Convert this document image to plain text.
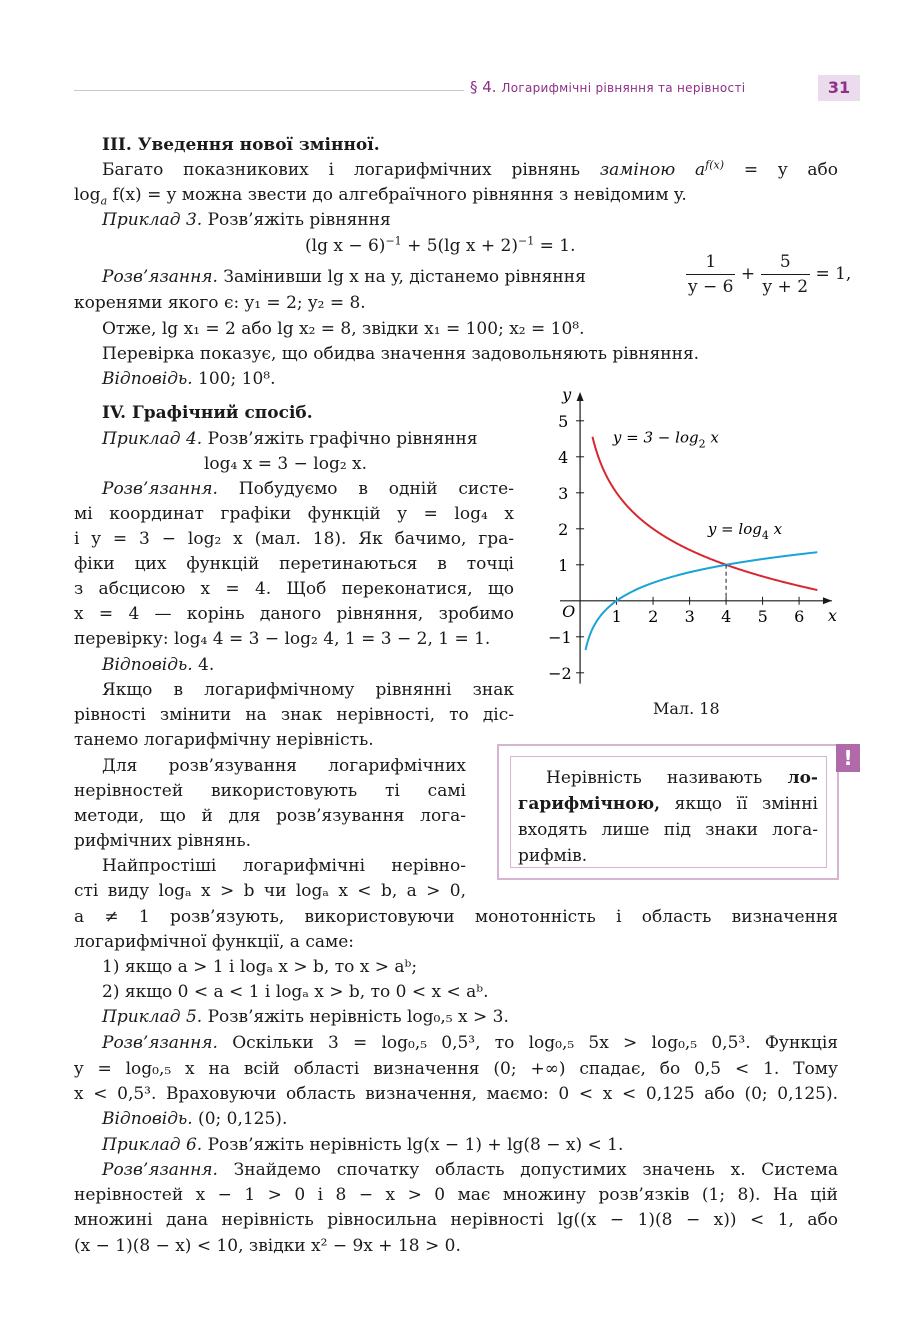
§ 4. Логарифмічні рівняння та нерівності	31
III. Уведення нової змінної.
Багато показникових і логарифмічних рівнянь заміною $a^{f(x)} = y$ або
$\log_a f(x) = y$ можна звести до алгебраїчного рівняння з невідомим y.
Приклад 3. Розв’яжіть рівняння
(lg x − 6)$^{-1}$ + 5(lg x + 2)$^{-1}$ = 1.
Розв’язання. Замінивши lg x на y, дістанемо рівняння	$\frac{1}{y - 6} + \frac{5}{y + 2} = 1$,
коренями якого є: y₁ = 2; y₂ = 8.
Отже, lg x₁ = 2 або lg x₂ = 8, звідки x₁ = 100; x₂ = 10⁸.
Перевірка показує, що обидва значення задовольняють рівняння.
Відповідь. 100; 10⁸.
IV. Графічний спосіб.
Приклад 4. Розв’яжіть графічно рівняння
log₄ x = 3 − log₂ x.
Розв’язання. Побудуємо в одній систе-
мі координат графіки функцій y = log₄ x
і y = 3 − log₂ x (мал. 18). Як бачимо, гра-
фіки цих функцій перетинаються в точці
з абсцисою x = 4. Щоб переконатися, що
x = 4 — корінь даного рівняння, зробимо
перевірку: log₄ 4 = 3 − log₂ 4, 1 = 3 − 2, 1 = 1.
Відповідь. 4.
x
y
O 1 2 3 4 5 6
−2
−1
1
2
3
4
5
$y = 3 - \log_2 x$
$y = \log_4 x$
Мал. 18
Якщо в логарифмічному рівнянні знак
рівності змінити на знак нерівності, то діс-
танемо логарифмічну нерівність.
Для розв’язування логарифмічних
нерівностей використовують ті самі
методи, що й для розв’язування лога-
рифмічних рівнянь.
Найпростіші логарифмічні нерівно-
сті виду logₐ x > b чи logₐ x < b, a > 0,
a ≠ 1 розв’язують, використовуючи монотонність і область визначення
логарифмічної функції, а саме:
1) якщо a > 1 і logₐ x > b, то x > aᵇ;
2) якщо 0 < a < 1 і logₐ x > b, то 0 < x < aᵇ.
!
Нерівність називають ло-
гарифмічною, якщо її змінні
входять лише під знаки лога-
рифмів.
Приклад 5. Розв’яжіть нерівність log₀,₅ x > 3.
Розв’язання. Оскільки 3 = log₀,₅ 0,5³, то log₀,₅ 5x > log₀,₅ 0,5³. Функція
y = log₀,₅ x на всій області визначення (0; +∞) спадає, бо 0,5 < 1. Тому
x < 0,5³. Враховуючи область визначення, маємо: 0 < x < 0,125 або (0; 0,125).
Відповідь. (0; 0,125).
Приклад 6. Розв’яжіть нерівність lg(x − 1) + lg(8 − x) < 1.
Розв’язання. Знайдемо спочатку область допустимих значень x. Система
нерівностей x − 1 > 0 і 8 − x > 0 має множину розв’язків (1; 8). На цій
множині дана нерівність рівносильна нерівності lg((x − 1)(8 − x)) < 1, або
(x − 1)(8 − x) < 10, звідки x² − 9x + 18 > 0.
